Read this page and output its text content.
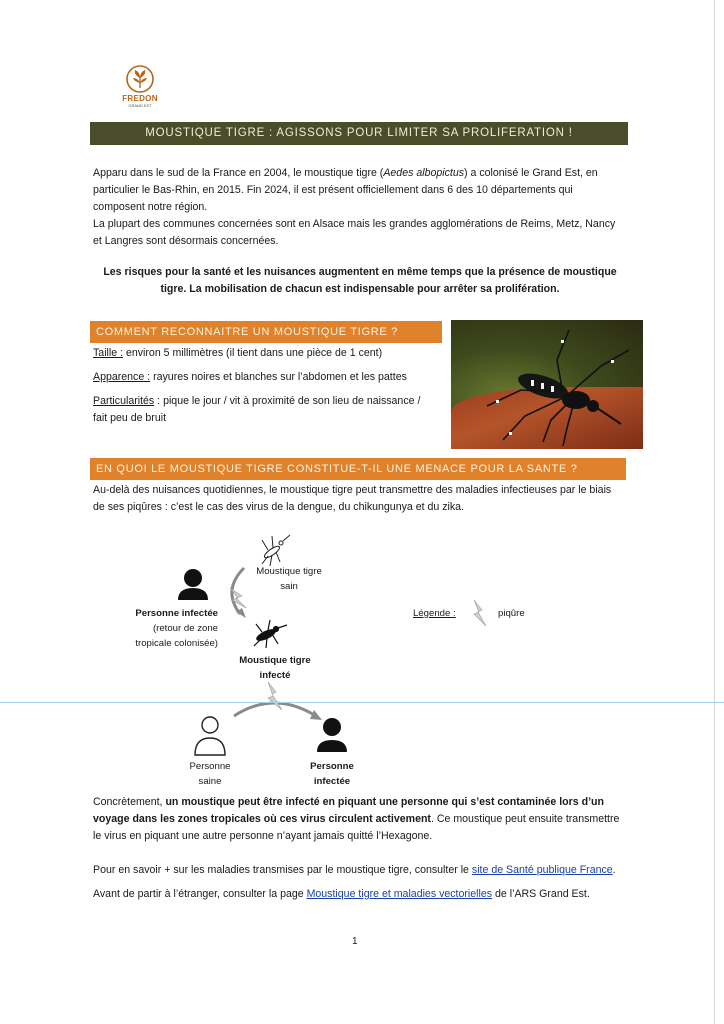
FREDON
GRAND EST
MOUSTIQUE TIGRE : AGISSONS POUR LIMITER SA PROLIFERATION !
Apparu dans le sud de la France en 2004, le moustique tigre (Aedes albopictus) a colonisé le Grand Est, en
particulier le Bas-Rhin, en 2015. Fin 2024, il est présent officiellement dans 6 des 10 départements qui
composent notre région.
La plupart des communes concernées sont en Alsace mais les grandes agglomérations de Reims, Metz, Nancy
et Langres sont désormais concernées.
Les risques pour la santé et les nuisances augmentent en même temps que la présence de moustique
tigre. La mobilisation de chacun est indispensable pour arrêter sa prolifération.
COMMENT RECONNAITRE UN MOUSTIQUE TIGRE ?
Taille : environ 5 millimètres (il tient dans une pièce de 1 cent)
Apparence : rayures noires et blanches sur l’abdomen et les pattes
Particularités : pique le jour / vit à proximité de son lieu de naissance /
fait peu de bruit
EN QUOI LE MOUSTIQUE TIGRE CONSTITUE-T-IL UNE MENACE POUR LA SANTE ?
Au-delà des nuisances quotidiennes, le moustique tigre peut transmettre des maladies infectieuses par le biais
de ses piqûres : c’est le cas des virus de la dengue, du chikungunya et du zika.
Moustique tigre
sain
Personne infectée
(retour de zone
tropicale colonisée)
Moustique tigre
infecté
Légende :	piqûre
Personne
saine
Personne
infectée
Concrètement, un moustique peut être infecté en piquant une personne qui s’est contaminée lors d’un
voyage dans les zones tropicales où ces virus circulent activement. Ce moustique peut ensuite transmettre
le virus en piquant une autre personne n’ayant jamais quitté l’Hexagone.
Pour en savoir + sur les maladies transmises par le moustique tigre, consulter le site de Santé publique France.
Avant de partir à l’étranger, consulter la page Moustique tigre et maladies vectorielles de l’ARS Grand Est.
1
